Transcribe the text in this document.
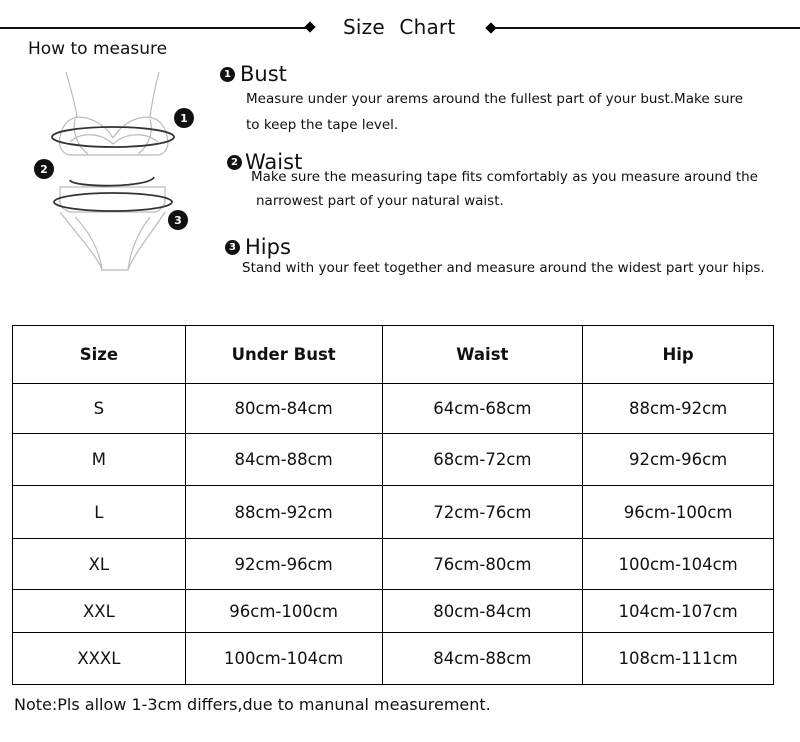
Size Chart
How to measure
1
2
3
1 Bust
Measure under your arems around the fullest part of your bust.Make sure
to keep the tape level.
2 Waist
Make sure the measuring tape fits comfortably as you measure around the
narrowest part of your natural waist.
3 Hips
Stand with your feet together and measure around the widest part your hips.
Size	Under Bust	Waist	Hip
S	80cm-84cm	64cm-68cm	88cm-92cm
M	84cm-88cm	68cm-72cm	92cm-96cm
L	88cm-92cm	72cm-76cm	96cm-100cm
XL	92cm-96cm	76cm-80cm	100cm-104cm
XXL	96cm-100cm	80cm-84cm	104cm-107cm
XXXL	100cm-104cm	84cm-88cm	108cm-111cm
Note:Pls allow 1-3cm differs,due to manunal measurement.
